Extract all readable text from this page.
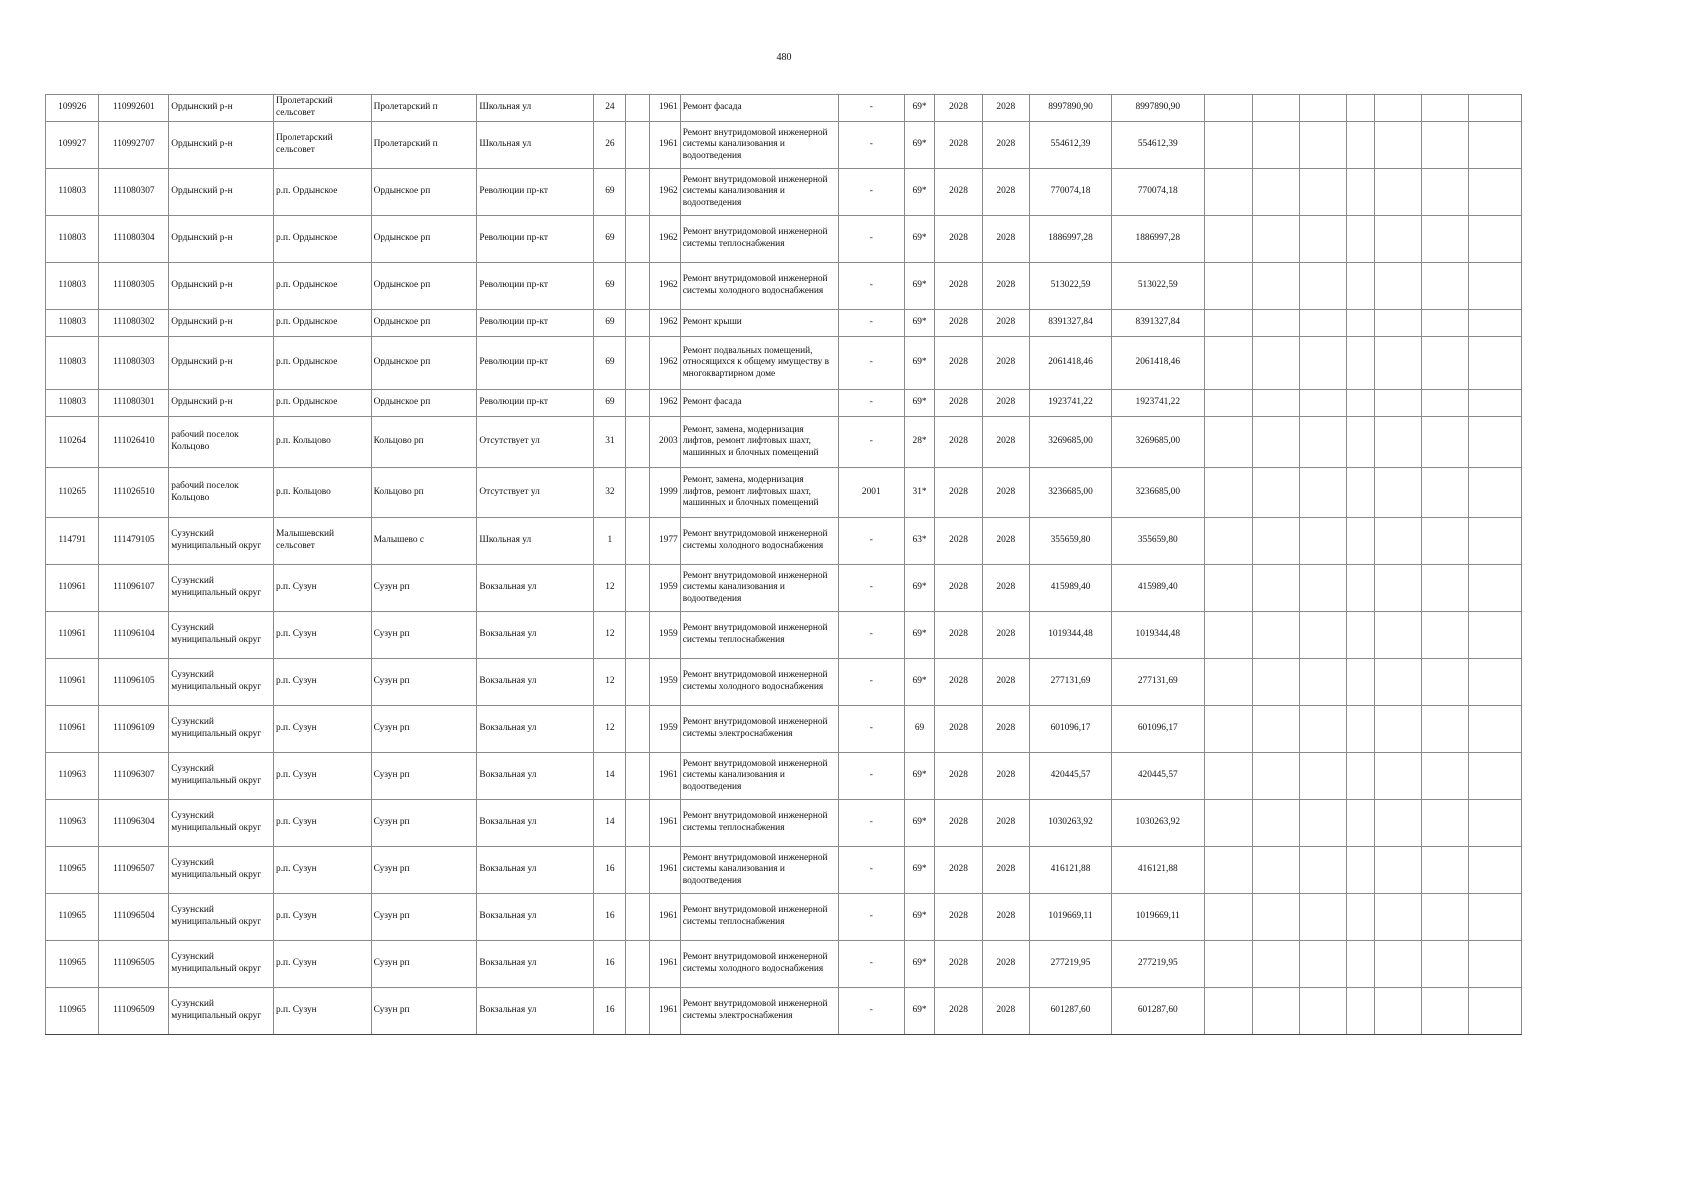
480
109926	110992601	Ордынский р-н	Пролетарский сельсовет	Пролетарский п	Школьная ул	24		1961	Ремонт фасада	-	69*	2028	2028	8997890,90	8997890,90							
109927	110992707	Ордынский р-н	Пролетарский сельсовет	Пролетарский п	Школьная ул	26		1961	Ремонт внутридомовой инженерной системы канализования и водоотведения	-	69*	2028	2028	554612,39	554612,39							
110803	111080307	Ордынский р-н	р.п. Ордынское	Ордынское рп	Революции пр-кт	69		1962	Ремонт внутридомовой инженерной системы канализования и водоотведения	-	69*	2028	2028	770074,18	770074,18							
110803	111080304	Ордынский р-н	р.п. Ордынское	Ордынское рп	Революции пр-кт	69		1962	Ремонт внутридомовой инженерной системы теплоснабжения	-	69*	2028	2028	1886997,28	1886997,28							
110803	111080305	Ордынский р-н	р.п. Ордынское	Ордынское рп	Революции пр-кт	69		1962	Ремонт внутридомовой инженерной системы холодного водоснабжения	-	69*	2028	2028	513022,59	513022,59							
110803	111080302	Ордынский р-н	р.п. Ордынское	Ордынское рп	Революции пр-кт	69		1962	Ремонт крыши	-	69*	2028	2028	8391327,84	8391327,84							
110803	111080303	Ордынский р-н	р.п. Ордынское	Ордынское рп	Революции пр-кт	69		1962	Ремонт подвальных помещений, относящихся к общему имуществу в многоквартирном доме	-	69*	2028	2028	2061418,46	2061418,46							
110803	111080301	Ордынский р-н	р.п. Ордынское	Ордынское рп	Революции пр-кт	69		1962	Ремонт фасада	-	69*	2028	2028	1923741,22	1923741,22							
110264	111026410	рабочий поселок Кольцово	р.п. Кольцово	Кольцово рп	Отсутствует ул	31		2003	Ремонт, замена, модернизация лифтов, ремонт лифтовых шахт, машинных и блочных помещений	-	28*	2028	2028	3269685,00	3269685,00							
110265	111026510	рабочий поселок Кольцово	р.п. Кольцово	Кольцово рп	Отсутствует ул	32		1999	Ремонт, замена, модернизация лифтов, ремонт лифтовых шахт, машинных и блочных помещений	2001	31*	2028	2028	3236685,00	3236685,00							
114791	111479105	Сузунский муниципальный округ	Малышевский сельсовет	Малышево с	Школьная ул	1		1977	Ремонт внутридомовой инженерной системы холодного водоснабжения	-	63*	2028	2028	355659,80	355659,80							
110961	111096107	Сузунский муниципальный округ	р.п. Сузун	Сузун рп	Вокзальная ул	12		1959	Ремонт внутридомовой инженерной системы канализования и водоотведения	-	69*	2028	2028	415989,40	415989,40							
110961	111096104	Сузунский муниципальный округ	р.п. Сузун	Сузун рп	Вокзальная ул	12		1959	Ремонт внутридомовой инженерной системы теплоснабжения	-	69*	2028	2028	1019344,48	1019344,48							
110961	111096105	Сузунский муниципальный округ	р.п. Сузун	Сузун рп	Вокзальная ул	12		1959	Ремонт внутридомовой инженерной системы холодного водоснабжения	-	69*	2028	2028	277131,69	277131,69							
110961	111096109	Сузунский муниципальный округ	р.п. Сузун	Сузун рп	Вокзальная ул	12		1959	Ремонт внутридомовой инженерной системы электроснабжения	-	69	2028	2028	601096,17	601096,17							
110963	111096307	Сузунский муниципальный округ	р.п. Сузун	Сузун рп	Вокзальная ул	14		1961	Ремонт внутридомовой инженерной системы канализования и водоотведения	-	69*	2028	2028	420445,57	420445,57							
110963	111096304	Сузунский муниципальный округ	р.п. Сузун	Сузун рп	Вокзальная ул	14		1961	Ремонт внутридомовой инженерной системы теплоснабжения	-	69*	2028	2028	1030263,92	1030263,92							
110965	111096507	Сузунский муниципальный округ	р.п. Сузун	Сузун рп	Вокзальная ул	16		1961	Ремонт внутридомовой инженерной системы канализования и водоотведения	-	69*	2028	2028	416121,88	416121,88							
110965	111096504	Сузунский муниципальный округ	р.п. Сузун	Сузун рп	Вокзальная ул	16		1961	Ремонт внутридомовой инженерной системы теплоснабжения	-	69*	2028	2028	1019669,11	1019669,11							
110965	111096505	Сузунский муниципальный округ	р.п. Сузун	Сузун рп	Вокзальная ул	16		1961	Ремонт внутридомовой инженерной системы холодного водоснабжения	-	69*	2028	2028	277219,95	277219,95							
110965	111096509	Сузунский муниципальный округ	р.п. Сузун	Сузун рп	Вокзальная ул	16		1961	Ремонт внутридомовой инженерной системы электроснабжения	-	69*	2028	2028	601287,60	601287,60							
